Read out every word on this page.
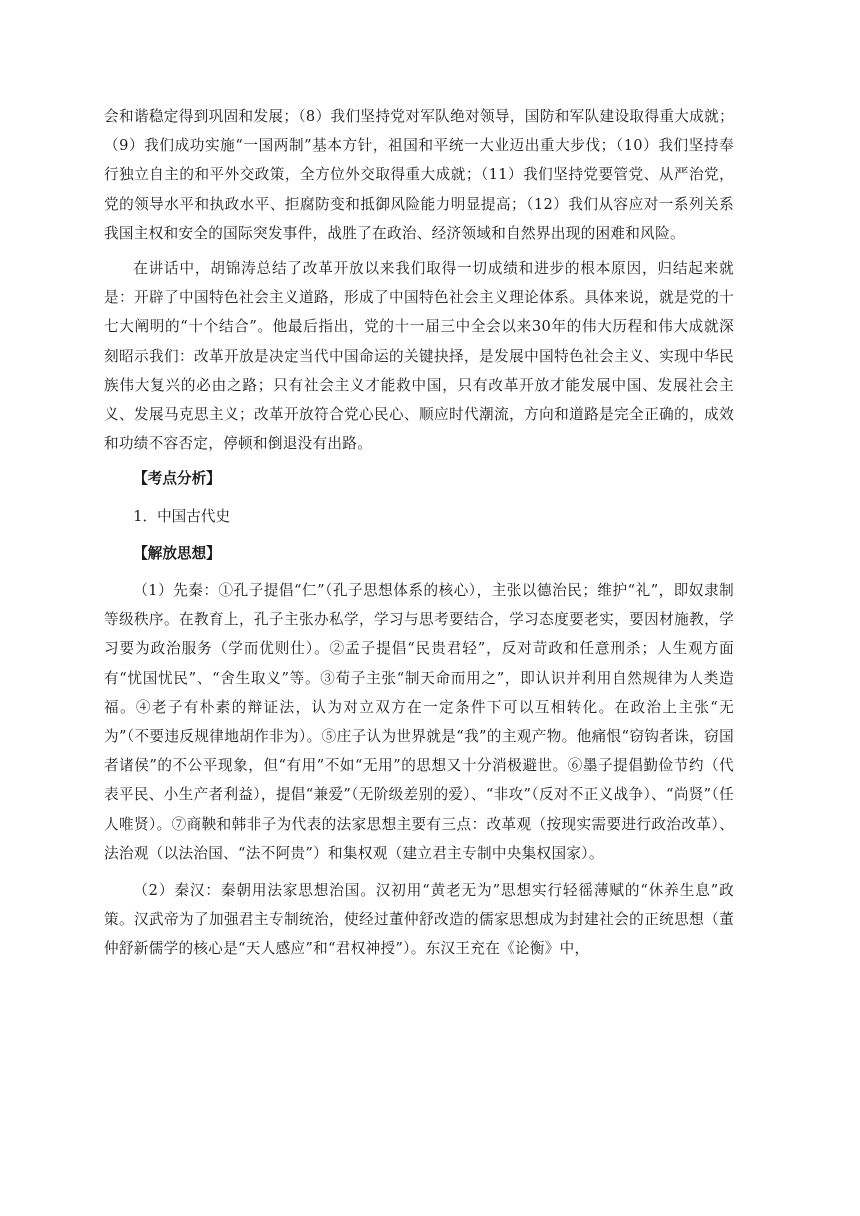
会和谐稳定得到巩固和发展；（8）我们坚持党对军队绝对领导，国防和军队建设取得重大成就；（9）我们成功实施“一国两制”基本方针，祖国和平统一大业迈出重大步伐；（10）我们坚持奉行独立自主的和平外交政策，全方位外交取得重大成就；（11）我们坚持党要管党、从严治党，党的领导水平和执政水平、拒腐防变和抵御风险能力明显提高；（12）我们从容应对一系列关系我国主权和安全的国际突发事件，战胜了在政治、经济领域和自然界出现的困难和风险。

在讲话中，胡锦涛总结了改革开放以来我们取得一切成绩和进步的根本原因，归结起来就是：开辟了中国特色社会主义道路，形成了中国特色社会主义理论体系。具体来说，就是党的十七大阐明的“十个结合”。他最后指出，党的十一届三中全会以来30年的伟大历程和伟大成就深刻昭示我们：改革开放是决定当代中国命运的关键抉择，是发展中国特色社会主义、实现中华民族伟大复兴的必由之路；只有社会主义才能救中国，只有改革开放才能发展中国、发展社会主义、发展马克思主义；改革开放符合党心民心、顺应时代潮流，方向和道路是完全正确的，成效和功绩不容否定，停顿和倒退没有出路。

【考点分析】

1．中国古代史

【解放思想】

（1）先秦：①孔子提倡“仁”（孔子思想体系的核心），主张以德治民；维护“礼”，即奴隶制等级秩序。在教育上，孔子主张办私学，学习与思考要结合，学习态度要老实，要因材施教，学习要为政治服务（学而优则仕）。②孟子提倡“民贵君轻”，反对苛政和任意刑杀；人生观方面有“忧国忧民”、“舍生取义”等。③荀子主张“制天命而用之”，即认识并利用自然规律为人类造福。④老子有朴素的辩证法，认为对立双方在一定条件下可以互相转化。在政治上主张“无为”（不要违反规律地胡作非为）。⑤庄子认为世界就是“我”的主观产物。他痛恨“窃钩者诛，窃国者诸侯”的不公平现象，但“有用”不如“无用”的思想又十分消极避世。⑥墨子提倡勤俭节约（代表平民、小生产者利益），提倡“兼爱”（无阶级差别的爱）、“非攻”（反对不正义战争）、“尚贤”（任人唯贤）。⑦商鞅和韩非子为代表的法家思想主要有三点：改革观（按现实需要进行政治改革）、法治观（以法治国、“法不阿贵”）和集权观（建立君主专制中央集权国家）。

（2）秦汉：秦朝用法家思想治国。汉初用“黄老无为”思想实行轻徭薄赋的“休养生息”政策。汉武帝为了加强君主专制统治，使经过董仲舒改造的儒家思想成为封建社会的正统思想（董仲舒新儒学的核心是“天人感应”和“君权神授”）。东汉王充在《论衡》中，
